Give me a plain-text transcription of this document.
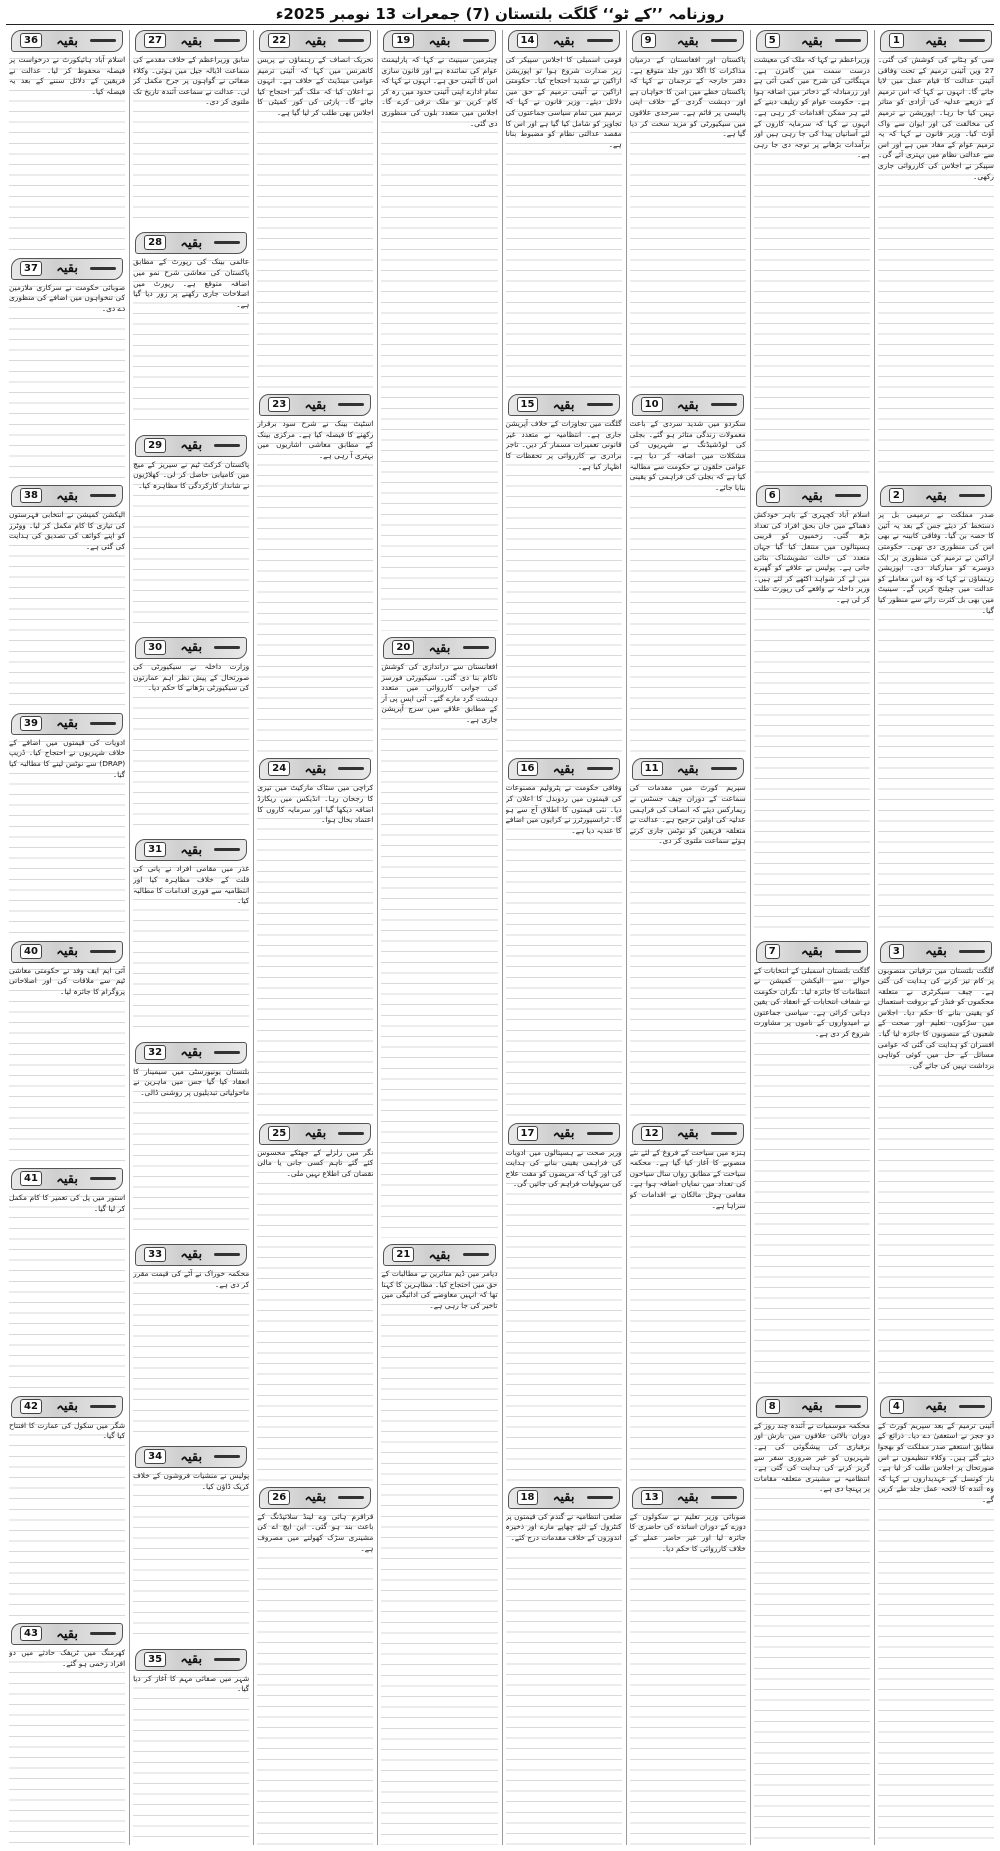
روزنامہ ’’کے ٹو‘‘ گلگت بلتستان (7) جمعرات 13 نومبر 2025ء
بقیہ
1
سی کو ہٹانے کی کوشش کی گئی۔ 27 ویں آئینی ترمیم کے تحت وفاقی آئینی عدالت کا قیام عمل میں لایا جائے گا۔ انہوں نے کہا کہ اس ترمیم کے ذریعے عدلیہ کی آزادی کو متاثر نہیں کیا جا رہا۔ اپوزیشن نے ترمیم کی مخالفت کی اور ایوان سے واک آؤٹ کیا۔ وزیر قانون نے کہا کہ یہ ترمیم عوام کے مفاد میں ہے اور اس سے عدالتی نظام میں بہتری آئے گی۔ سپیکر نے اجلاس کی کارروائی جاری رکھی۔
بقیہ
2
صدر مملکت نے ترمیمی بل پر دستخط کر دیئے جس کے بعد یہ آئین کا حصہ بن گیا۔ وفاقی کابینہ نے بھی اس کی منظوری دی تھی۔ حکومتی اراکین نے ترمیم کی منظوری پر ایک دوسرے کو مبارکباد دی۔ اپوزیشن رہنماؤں نے کہا کہ وہ اس معاملے کو عدالت میں چیلنج کریں گے۔ سینیٹ میں بھی بل کثرت رائے سے منظور کیا گیا۔
بقیہ
3
گلگت بلتستان میں ترقیاتی منصوبوں پر کام تیز کرنے کی ہدایت کی گئی ہے۔ چیف سیکرٹری نے متعلقہ محکموں کو فنڈز کے بروقت استعمال کو یقینی بنانے کا حکم دیا۔ اجلاس میں سڑکوں، تعلیم اور صحت کے شعبوں کے منصوبوں کا جائزہ لیا گیا۔ افسران کو ہدایت کی گئی کہ عوامی مسائل کے حل میں کوئی کوتاہی برداشت نہیں کی جائے گی۔
بقیہ
4
آئینی ترمیم کے بعد سپریم کورٹ کے دو ججز نے استعفیٰ دے دیا۔ ذرائع کے مطابق استعفے صدر مملکت کو بھجوا دیئے گئے ہیں۔ وکلاء تنظیموں نے اس صورتحال پر اجلاس طلب کر لیا ہے۔ بار کونسل کے عہدیداروں نے کہا کہ وہ آئندہ کا لائحہ عمل جلد طے کریں گے۔
بقیہ
5
وزیراعظم نے کہا کہ ملک کی معیشت درست سمت میں گامزن ہے۔ مہنگائی کی شرح میں کمی آئی ہے اور زرمبادلہ کے ذخائر میں اضافہ ہوا ہے۔ حکومت عوام کو ریلیف دینے کے لئے ہر ممکن اقدامات کر رہی ہے۔ انہوں نے کہا کہ سرمایہ کاروں کے لئے آسانیاں پیدا کی جا رہی ہیں اور برآمدات بڑھانے پر توجہ دی جا رہی ہے۔
بقیہ
6
اسلام آباد کچہری کے باہر خودکش دھماکے میں جاں بحق افراد کی تعداد بڑھ گئی۔ زخمیوں کو قریبی ہسپتالوں میں منتقل کیا گیا جہاں متعدد کی حالت تشویشناک بتائی جاتی ہے۔ پولیس نے علاقے کو گھیرے میں لے کر شواہد اکٹھے کر لئے ہیں۔ وزیر داخلہ نے واقعے کی رپورٹ طلب کر لی ہے۔
بقیہ
7
گلگت بلتستان اسمبلی کے انتخابات کے حوالے سے الیکشن کمیشن نے انتظامات کا جائزہ لیا۔ نگران حکومت نے شفاف انتخابات کے انعقاد کی یقین دہانی کرائی ہے۔ سیاسی جماعتوں نے امیدواروں کے ناموں پر مشاورت شروع کر دی ہے۔
بقیہ
8
محکمہ موسمیات نے آئندہ چند روز کے دوران بالائی علاقوں میں بارش اور برفباری کی پیشگوئی کی ہے۔ شہریوں کو غیر ضروری سفر سے گریز کرنے کی ہدایت کی گئی ہے۔ انتظامیہ نے مشینری متعلقہ مقامات پر پہنچا دی ہے۔
بقیہ
9
پاکستان اور افغانستان کے درمیان مذاکرات کا اگلا دور جلد متوقع ہے۔ دفتر خارجہ کے ترجمان نے کہا کہ پاکستان خطے میں امن کا خواہاں ہے اور دہشت گردی کے خلاف اپنی پالیسی پر قائم ہے۔ سرحدی علاقوں میں سیکیورٹی کو مزید سخت کر دیا گیا ہے۔
بقیہ
10
سکردو میں شدید سردی کے باعث معمولات زندگی متاثر ہو گئے۔ بجلی کی لوڈشیڈنگ نے شہریوں کی مشکلات میں اضافہ کر دیا ہے۔ عوامی حلقوں نے حکومت سے مطالبہ کیا ہے کہ بجلی کی فراہمی کو یقینی بنایا جائے۔
بقیہ
11
سپریم کورٹ میں مقدمات کی سماعت کے دوران چیف جسٹس نے ریمارکس دیئے کہ انصاف کی فراہمی عدلیہ کی اولین ترجیح ہے۔ عدالت نے متعلقہ فریقین کو نوٹس جاری کرتے ہوئے سماعت ملتوی کر دی۔
بقیہ
12
ہنزہ میں سیاحت کے فروغ کے لئے نئے منصوبے کا آغاز کیا گیا ہے۔ محکمہ سیاحت کے مطابق رواں سال سیاحوں کی تعداد میں نمایاں اضافہ ہوا ہے۔ مقامی ہوٹل مالکان نے اقدامات کو سراہا ہے۔
بقیہ
13
صوبائی وزیر تعلیم نے سکولوں کے دورے کے دوران اساتذہ کی حاضری کا جائزہ لیا اور غیر حاضر عملے کے خلاف کارروائی کا حکم دیا۔
بقیہ
14
قومی اسمبلی کا اجلاس سپیکر کی زیر صدارت شروع ہوا تو اپوزیشن اراکین نے شدید احتجاج کیا۔ حکومتی اراکین نے آئینی ترمیم کے حق میں دلائل دیئے۔ وزیر قانون نے کہا کہ ترمیم میں تمام سیاسی جماعتوں کی تجاویز کو شامل کیا گیا ہے اور اس کا مقصد عدالتی نظام کو مضبوط بنانا ہے۔
بقیہ
15
گلگت میں تجاوزات کے خلاف آپریشن جاری ہے۔ انتظامیہ نے متعدد غیر قانونی تعمیرات مسمار کر دیں۔ تاجر برادری نے کارروائی پر تحفظات کا اظہار کیا ہے۔
بقیہ
16
وفاقی حکومت نے پٹرولیم مصنوعات کی قیمتوں میں ردوبدل کا اعلان کر دیا۔ نئی قیمتوں کا اطلاق آج سے ہو گا۔ ٹرانسپورٹرز نے کرایوں میں اضافے کا عندیہ دیا ہے۔
بقیہ
17
وزیر صحت نے ہسپتالوں میں ادویات کی فراہمی یقینی بنانے کی ہدایت کی اور کہا کہ مریضوں کو مفت علاج کی سہولیات فراہم کی جائیں گی۔
بقیہ
18
ضلعی انتظامیہ نے گندم کی قیمتوں پر کنٹرول کے لئے چھاپے مارے اور ذخیرہ اندوزوں کے خلاف مقدمات درج کئے۔
بقیہ
19
چیئرمین سینیٹ نے کہا کہ پارلیمنٹ عوام کی نمائندہ ہے اور قانون سازی اس کا آئینی حق ہے۔ انہوں نے کہا کہ تمام ادارے اپنی آئینی حدود میں رہ کر کام کریں تو ملک ترقی کرے گا۔ اجلاس میں متعدد بلوں کی منظوری دی گئی۔
بقیہ
20
افغانستان سے دراندازی کی کوشش ناکام بنا دی گئی۔ سیکیورٹی فورسز کی جوابی کارروائی میں متعدد دہشت گرد مارے گئے۔ آئی ایس پی آر کے مطابق علاقے میں سرچ آپریشن جاری ہے۔
بقیہ
21
دیامر میں ڈیم متاثرین نے مطالبات کے حق میں احتجاج کیا۔ مظاہرین کا کہنا تھا کہ انہیں معاوضے کی ادائیگی میں تاخیر کی جا رہی ہے۔
بقیہ
22
تحریک انصاف کے رہنماؤں نے پریس کانفرنس میں کہا کہ آئینی ترمیم عوامی مینڈیٹ کے خلاف ہے۔ انہوں نے اعلان کیا کہ ملک گیر احتجاج کیا جائے گا۔ پارٹی کی کور کمیٹی کا اجلاس بھی طلب کر لیا گیا ہے۔
بقیہ
23
اسٹیٹ بینک نے شرح سود برقرار رکھنے کا فیصلہ کیا ہے۔ مرکزی بینک کے مطابق معاشی اشاریوں میں بہتری آ رہی ہے۔
بقیہ
24
کراچی میں سٹاک مارکیٹ میں تیزی کا رجحان رہا۔ انڈیکس میں ریکارڈ اضافہ دیکھا گیا اور سرمایہ کاروں کا اعتماد بحال ہوا۔
بقیہ
25
نگر میں زلزلے کے جھٹکے محسوس کئے گئے تاہم کسی جانی یا مالی نقصان کی اطلاع نہیں ملی۔
بقیہ
26
قراقرم ہائی وے لینڈ سلائیڈنگ کے باعث بند ہو گئی۔ این ایچ اے کی مشینری سڑک کھولنے میں مصروف ہے۔
بقیہ
27
سابق وزیراعظم کے خلاف مقدمے کی سماعت اڈیالہ جیل میں ہوئی۔ وکلاء صفائی نے گواہوں پر جرح مکمل کر لی۔ عدالت نے سماعت آئندہ تاریخ تک ملتوی کر دی۔
بقیہ
28
عالمی بینک کی رپورٹ کے مطابق پاکستان کی معاشی شرح نمو میں اضافہ متوقع ہے۔ رپورٹ میں اصلاحات جاری رکھنے پر زور دیا گیا ہے۔
بقیہ
29
پاکستان کرکٹ ٹیم نے سیریز کے میچ میں کامیابی حاصل کر لی۔ کھلاڑیوں نے شاندار کارکردگی کا مظاہرہ کیا۔
بقیہ
30
وزارت داخلہ نے سیکیورٹی کی صورتحال کے پیش نظر اہم عمارتوں کی سیکیورٹی بڑھانے کا حکم دیا۔
بقیہ
31
غذر میں مقامی افراد نے پانی کی قلت کے خلاف مظاہرہ کیا اور انتظامیہ سے فوری اقدامات کا مطالبہ کیا۔
بقیہ
32
بلتستان یونیورسٹی میں سیمینار کا انعقاد کیا گیا جس میں ماہرین نے ماحولیاتی تبدیلیوں پر روشنی ڈالی۔
بقیہ
33
محکمہ خوراک نے آٹے کی قیمت مقرر کر دی ہے۔
بقیہ
34
پولیس نے منشیات فروشوں کے خلاف کریک ڈاؤن کیا۔
بقیہ
35
شہر میں صفائی مہم کا آغاز کر دیا گیا۔
بقیہ
36
اسلام آباد ہائیکورٹ نے درخواست پر فیصلہ محفوظ کر لیا۔ عدالت نے فریقین کے دلائل سننے کے بعد یہ فیصلہ کیا۔
بقیہ
37
صوبائی حکومت نے سرکاری ملازمین کی تنخواہوں میں اضافے کی منظوری دے دی۔
بقیہ
38
الیکشن کمیشن نے انتخابی فہرستوں کی تیاری کا کام مکمل کر لیا۔ ووٹرز کو اپنے کوائف کی تصدیق کی ہدایت کی گئی ہے۔
بقیہ
39
ادویات کی قیمتوں میں اضافے کے خلاف شہریوں نے احتجاج کیا۔ ڈریپ (DRAP) سے نوٹس لینے کا مطالبہ کیا گیا۔
بقیہ
40
آئی ایم ایف وفد نے حکومتی معاشی ٹیم سے ملاقات کی اور اصلاحاتی پروگرام کا جائزہ لیا۔
بقیہ
41
استور میں پل کی تعمیر کا کام مکمل کر لیا گیا۔
بقیہ
42
شگر میں سکول کی عمارت کا افتتاح کیا گیا۔
بقیہ
43
کھرمنگ میں ٹریفک حادثے میں دو افراد زخمی ہو گئے۔
